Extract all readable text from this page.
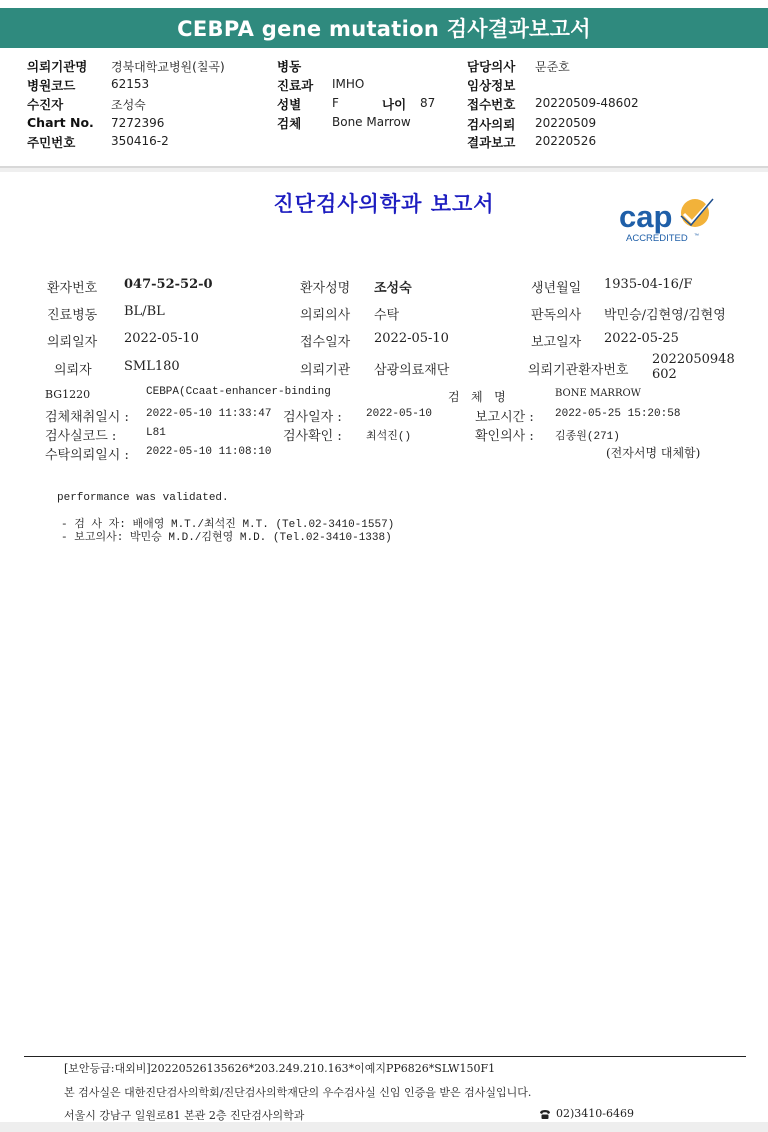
CEBPA gene mutation 검사결과보고서
의뢰기관명 경북대학교병원(칠곡)
병원코드	62153
수진자	조성숙
Chart No. 7272396
주민번호	350416-2
병동
진료과 IMHO
성별	F	나이 87
검체	Bone Marrow
담당의사 문준호
임상정보
접수번호 20220509-48602
검사의뢰 20220509
결과보고 20220526
진단검사의학과 보고서	cap
ACCREDITED ™
환자번호 047-52-52-0	환자성명 조성숙	생년월일 1935-04-16/F
진료병동 BL/BL	의뢰의사 수탁	판독의사 박민승/김현영/김현영
의뢰일자 2022-05-10	접수일자 2022-05-10	보고일자 2022-05-25
의뢰자 SML180	의뢰기관 삼광의료재단	의뢰기관환자번호
2022050948602
BG1220	CEBPA(Ccaat-enhancer-binding	검   체   명	BONE MARROW
검체채취일시 : 2022-05-10 11:33:47 검사일자 : 2022-05-10	보고시간 : 2022-05-25 15:20:58
검사실코드 :	L81	검사확인 : 최석진()	확인의사 : 김종원(271)
수탁의뢰일시 : 2022-05-10 11:08:10	(전자서명 대체함)
performance was validated.
- 검 사 자: 배애영 M.T./최석진 M.T. (Tel.02-3410-1557)
- 보고의사: 박민승 M.D./김현영 M.D. (Tel.02-3410-1338)
[보안등급:대외비]20220526135626*203.249.210.163*이예지PP6826*SLW150F1
본 검사실은 대한진단검사의학회/진단검사의학재단의 우수검사실 신임 인증을 받은 검사실입니다.
서울시 강남구 일원로81 본관 2층 진단검사의학과	02)3410-6469
